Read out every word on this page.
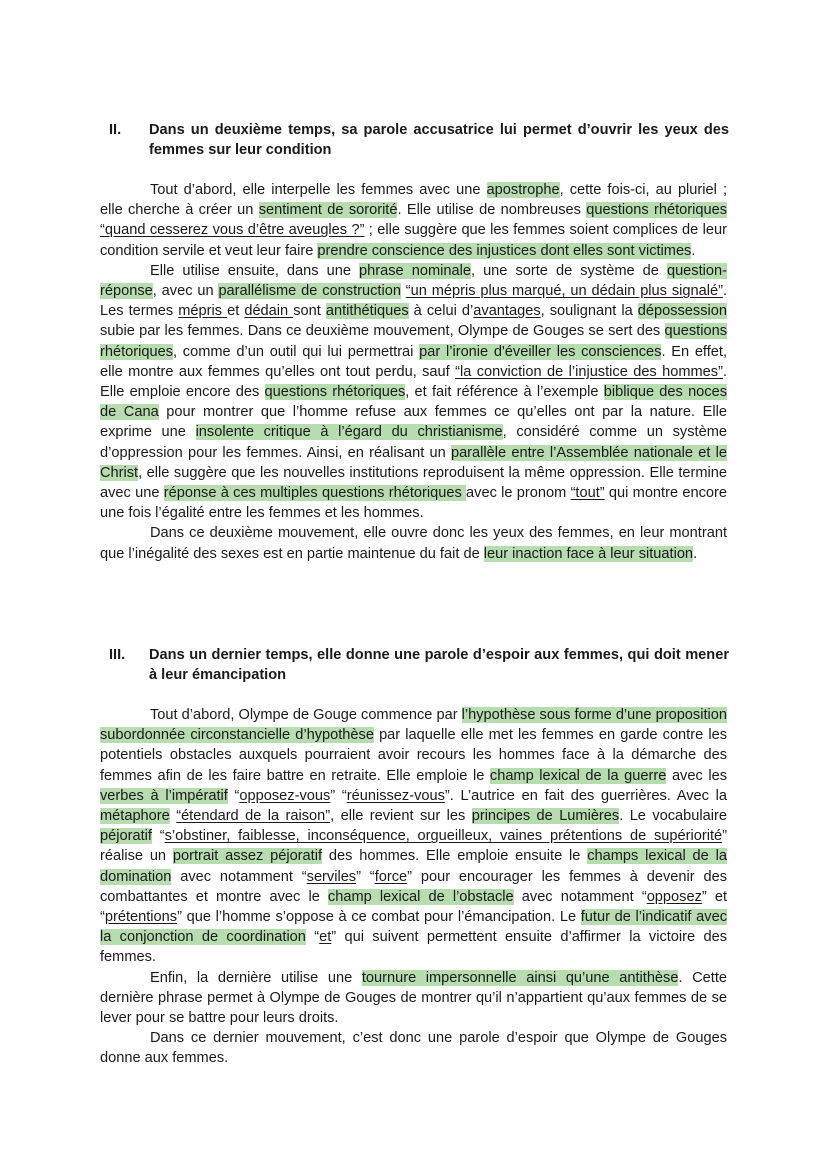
II. Dans un deuxième temps, sa parole accusatrice lui permet d’ouvrir les yeux des femmes sur leur condition

Tout d’abord, elle interpelle les femmes avec une apostrophe, cette fois-ci, au pluriel ; elle cherche à créer un sentiment de sororité. Elle utilise de nombreuses questions rhétoriques “quand cesserez vous d’être aveugles ?” ; elle suggère que les femmes soient complices de leur condition servile et veut leur faire prendre conscience des injustices dont elles sont victimes.

Elle utilise ensuite, dans une phrase nominale, une sorte de système de question-réponse, avec un parallélisme de construction “un mépris plus marqué, un dédain plus signalé”. Les termes mépris et dédain sont antithétiques à celui d’avantages, soulignant la dépossession subie par les femmes. Dans ce deuxième mouvement, Olympe de Gouges se sert des questions rhétoriques, comme d’un outil qui lui permettrai par l’ironie d'éveiller les consciences. En effet, elle montre aux femmes qu’elles ont tout perdu, sauf “la conviction de l’injustice des hommes”. Elle emploie encore des questions rhétoriques, et fait référence à l’exemple biblique des noces de Cana pour montrer que l’homme refuse aux femmes ce qu’elles ont par la nature. Elle exprime une insolente critique à l’égard du christianisme, considéré comme un système d’oppression pour les femmes. Ainsi, en réalisant un parallèle entre l’Assemblée nationale et le Christ, elle suggère que les nouvelles institutions reproduisent la même oppression. Elle termine avec une réponse à ces multiples questions rhétoriques avec le pronom “tout” qui montre encore une fois l’égalité entre les femmes et les hommes.

Dans ce deuxième mouvement, elle ouvre donc les yeux des femmes, en leur montrant que l’inégalité des sexes est en partie maintenue du fait de leur inaction face à leur situation.

III. Dans un dernier temps, elle donne une parole d’espoir aux femmes, qui doit mener à leur émancipation

Tout d’abord, Olympe de Gouge commence par l’hypothèse sous forme d’une proposition subordonnée circonstancielle d’hypothèse par laquelle elle met les femmes en garde contre les potentiels obstacles auxquels pourraient avoir recours les hommes face à la démarche des femmes afin de les faire battre en retraite. Elle emploie le champ lexical de la guerre avec les verbes à l’impératif “opposez-vous” “réunissez-vous”. L’autrice en fait des guerrières. Avec la métaphore “étendard de la raison”, elle revient sur les principes de Lumières. Le vocabulaire péjoratif “s’obstiner, faiblesse, inconséquence, orgueilleux, vaines prétentions de supériorité” réalise un portrait assez péjoratif des hommes. Elle emploie ensuite le champs lexical de la domination avec notamment “serviles” “force” pour encourager les femmes à devenir des combattantes et montre avec le champ lexical de l’obstacle avec notamment “opposez” et “prétentions” que l’homme s’oppose à ce combat pour l’émancipation. Le futur de l’indicatif avec la conjonction de coordination “et” qui suivent permettent ensuite d’affirmer la victoire des femmes.

Enfin, la dernière utilise une tournure impersonnelle ainsi qu’une antithèse. Cette dernière phrase permet à Olympe de Gouges de montrer qu’il n’appartient qu’aux femmes de se lever pour se battre pour leurs droits.

Dans ce dernier mouvement, c’est donc une parole d’espoir que Olympe de Gouges donne aux femmes.
